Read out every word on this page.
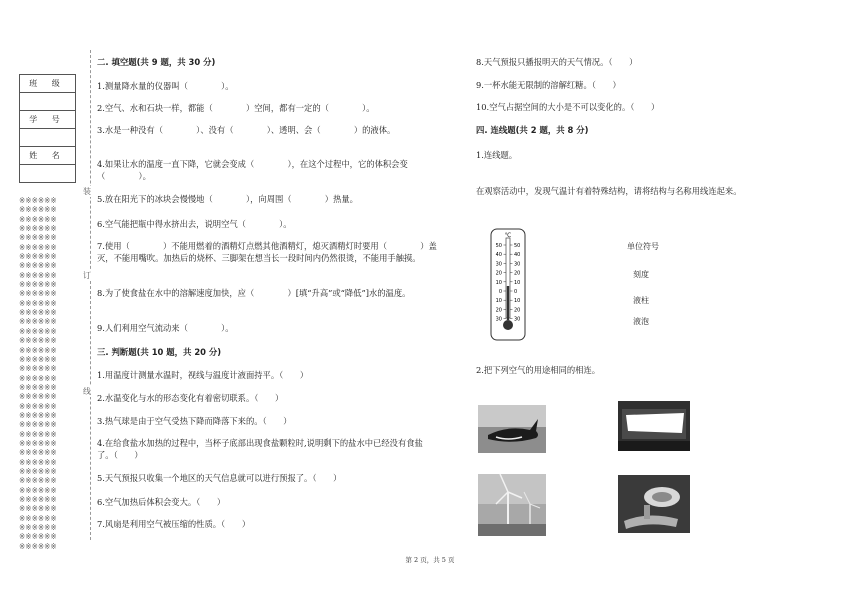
班 级

学 号

姓 名

※※※※※※
※※※※※※
※※※※※※
※※※※※※
※※※※※※
※※※※※※
※※※※※※
※※※※※※
※※※※※※
※※※※※※
※※※※※※
※※※※※※
※※※※※※
※※※※※※
※※※※※※
※※※※※※
※※※※※※
※※※※※※
※※※※※※
※※※※※※
※※※※※※
※※※※※※
※※※※※※
※※※※※※
※※※※※※
※※※※※※
※※※※※※
※※※※※※
※※※※※※
※※※※※※
※※※※※※
※※※※※※
※※※※※※
※※※※※※
※※※※※※
※※※※※※
※※※※※※
※※※※※※
装
订
线
二. 填空题(共 9 题，共 30 分)
1.测量降水量的仪器叫（　　　　）。
2.空气、水和石块一样，都能（　　　　）空间，都有一定的（　　　　）。
3.水是一种没有（　　　　）、没有（　　　　）、透明、会（　　　　）的液体。
4.如果让水的温度一直下降，它就会变成（　　　　），在这个过程中，它的体积会变（　　　　）。
5.放在阳光下的冰块会慢慢地（　　　　），向周围（　　　　）热量。
6.空气能把瓶中得水挤出去，说明空气（　　　　）。
7.使用（　　　　）不能用燃着的酒精灯点燃其他酒精灯，熄灭酒精灯时要用（　　　　）盖灭，不能用嘴吹。加热后的烧杯、三脚架在想当长一段时间内仍然很烫，不能用手触摸。
8.为了使食盐在水中的溶解速度加快，应（　　　　）[填“升高”或“降低”]水的温度。
9.人们利用空气流动来（　　　　）。
三. 判断题(共 10 题，共 20 分)
1.用温度计测量水温时，视线与温度计液面持平。（　　）
2.水温变化与水的形态变化有着密切联系。（　　）
3.热气球是由于空气受热下降而降落下来的。（　　）
4.在给食盐水加热的过程中，当杯子底部出现食盐颗粒时,说明剩下的盐水中已经没有食盐了。（　　）
5.天气预报只收集一个地区的天气信息就可以进行预报了。（　　）
6.空气加热后体积会变大。（　　）
7.风扇是利用空气被压缩的性质。（　　）
8.天气预报只播报明天的天气情况。（　　）
9.一杯水能无限制的溶解红糖。（　　）
10.空气占据空间的大小是不可以变化的。（　　）
四. 连线题(共 2 题，共 8 分)
1.连线题。
在观察活动中，发现气温计有着特殊结构，请将结构与名称用线连起来。
2.把下列空气的用途相同的相连。
℃
50 50
40 40
30 30
20 20
10 10
0 0
10 10
20 20
30 30
单位符号
刻度
液柱
液泡
第 2 页，共 5 页
